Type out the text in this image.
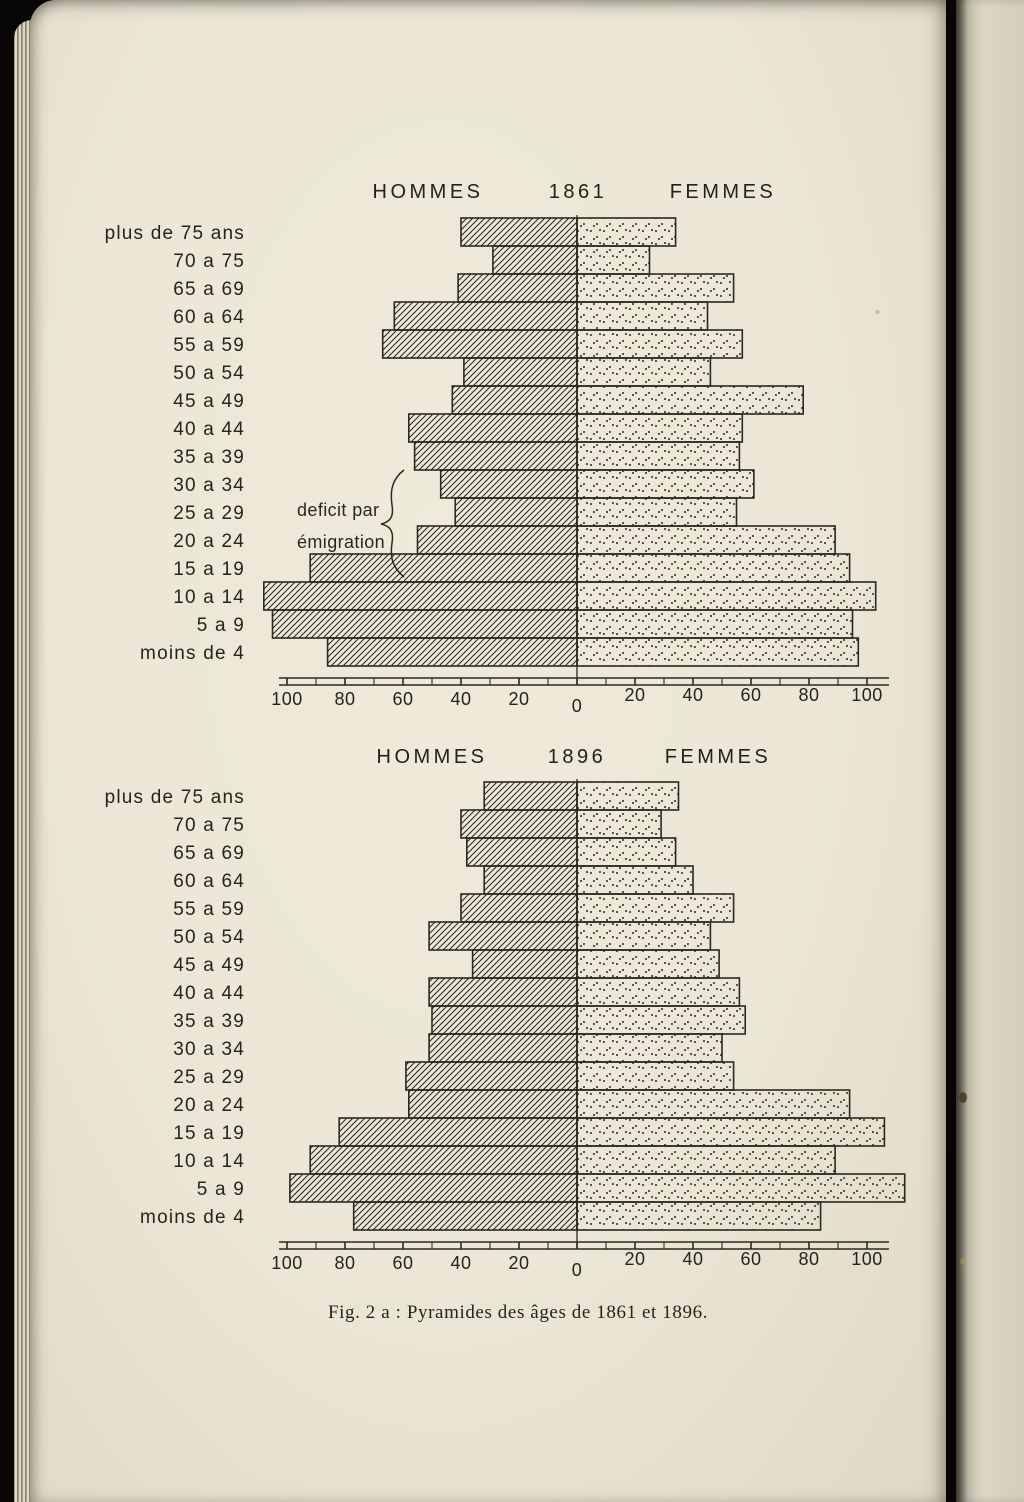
HOMMES	1861	FEMMES
plus de 75 ans
70 a 75
65 a 69
60 a 64
55 a 59
50 a 54
45 a 49
40 a 44
35 a 39
30 a 34
25 a 29
20 a 24
15 a 19
10 a 14
5 a 9
moins de 4
100 80 60 40 20 0
20 40 60 80 100
deficit par
émigration
HOMMES	1896	FEMMES
plus de 75 ans
70 a 75
65 a 69
60 a 64
55 a 59
50 a 54
45 a 49
40 a 44
35 a 39
30 a 34
25 a 29
20 a 24
15 a 19
10 a 14
5 a 9
moins de 4
100 80 60 40 20 0
20 40 60 80 100
Fig. 2 a : Pyramides des âges de 1861 et 1896.
